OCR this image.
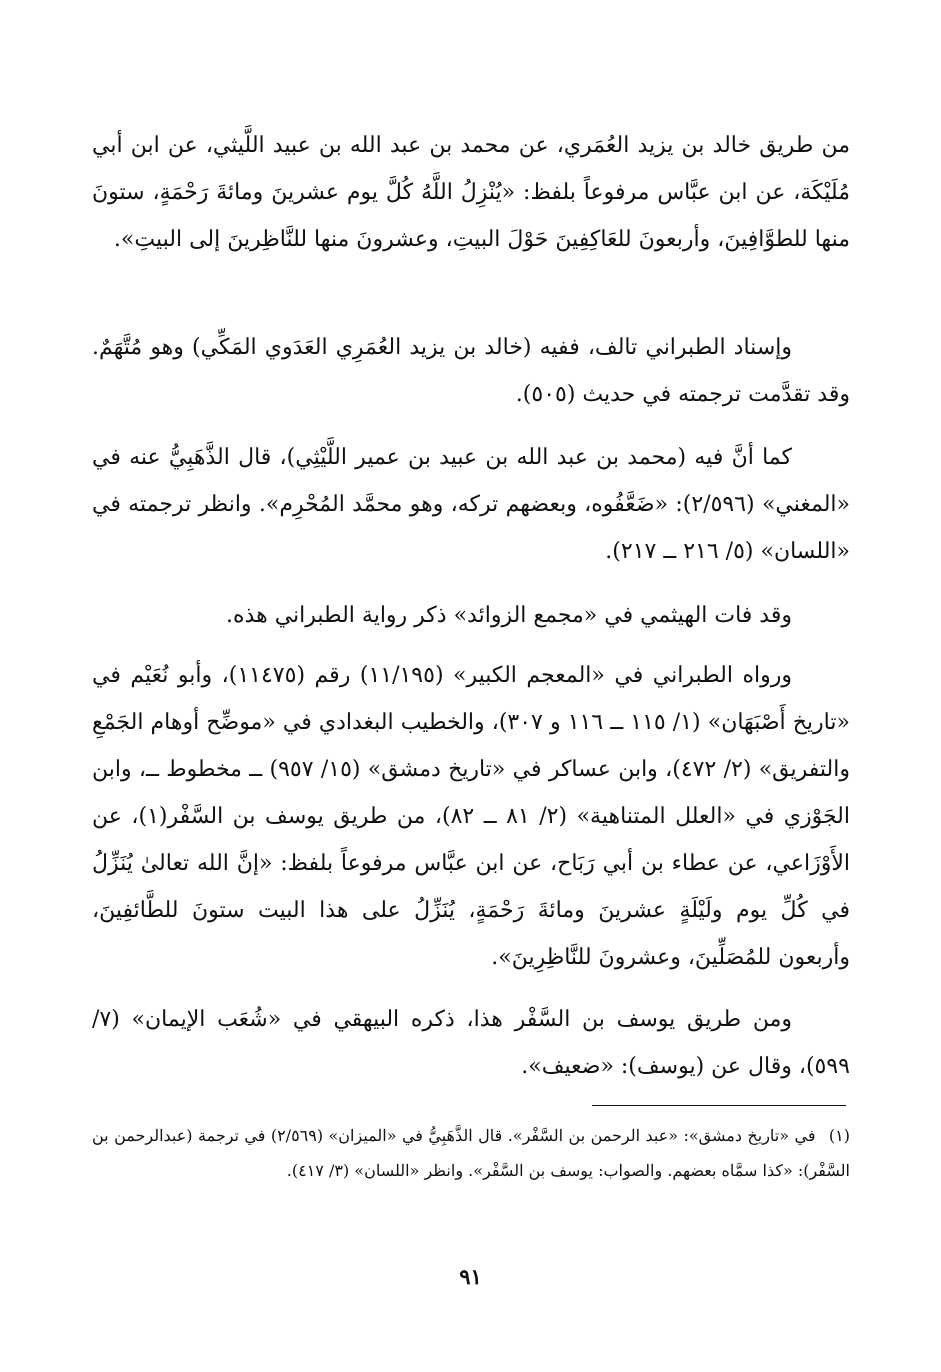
من طريق خالد بن يزيد العُمَري، عن محمد بن عبد الله بن عبيد اللَّيثي، عن ابن أبي مُلَيْكَة، عن ابن عبَّاس مرفوعاً بلفظ: «يُنْزِلُ اللَّهُ كُلَّ يوم عشرينَ ومائةَ رَحْمَةٍ، ستونَ منها للطوَّافِينَ، وأربعونَ للعَاكِفِينَ حَوْلَ البيتِ، وعشرونَ منها للنَّاظِرينَ إلى البيتِ».

وإسناد الطبراني تالف، ففيه (خالد بن يزيد العُمَرِي العَدَوي المَكِّي) وهو مُتَّهَمٌ. وقد تقدَّمت ترجمته في حديث (٥٠٥).

كما أنَّ فيه (محمد بن عبد الله بن عبيد بن عمير اللَّيْثِي)، قال الذَّهَبِيُّ عنه في «المغني» (٢/٥٩٦): «ضَعَّفُوه، وبعضهم تركه، وهو محمَّد المُحْرِم». وانظر ترجمته في «اللسان» (٥/ ٢١٦ ــ ٢١٧).

وقد فات الهيثمي في «مجمع الزوائد» ذكر رواية الطبراني هذه.

ورواه الطبراني في «المعجم الكبير» (١١/١٩٥) رقم (١١٤٧٥)، وأبو نُعَيْم في «تاريخ أَصْبَهَان» (١/ ١١٥ ــ ١١٦ و ٣٠٧)، والخطيب البغدادي في «موضِّح أوهام الجَمْعِ والتفريق» (٢/ ٤٧٢)، وابن عساكر في «تاريخ دمشق» (١٥/ ٩٥٧) ــ مخطوط ــ، وابن الجَوْزي في «العلل المتناهية» (٢/ ٨١ ــ ٨٢)، من طريق يوسف بن السَّفْر(١)، عن الأَوْزَاعي، عن عطاء بن أبي رَبَاح، عن ابن عبَّاس مرفوعاً بلفظ: «إنَّ الله تعالىٰ يُنَزِّلُ في كُلِّ يوم ولَيْلَةٍ عشرينَ ومائةَ رَحْمَةٍ، يُنَزِّلُ على هذا البيت ستونَ للطَّائفِينَ، وأربعون للمُصَلِّينَ، وعشرونَ للنَّاظِرِينَ».

ومن طريق يوسف بن السَّفْر هذا، ذكره البيهقي في «شُعَب الإيمان» (٧/ ٥٩٩)، وقال عن (يوسف): «ضعيف».

(١) في «تاريخ دمشق»: «عبد الرحمن بن السَّفْر». قال الذَّهَبِيُّ في «الميزان» (٢/٥٦٩) في ترجمة (عبدالرحمن بن السَّفْر): «كذا سمَّاه بعضهم. والصواب: يوسف بن السَّفْر». وانظر «اللسان» (٣/ ٤١٧).
٩١
